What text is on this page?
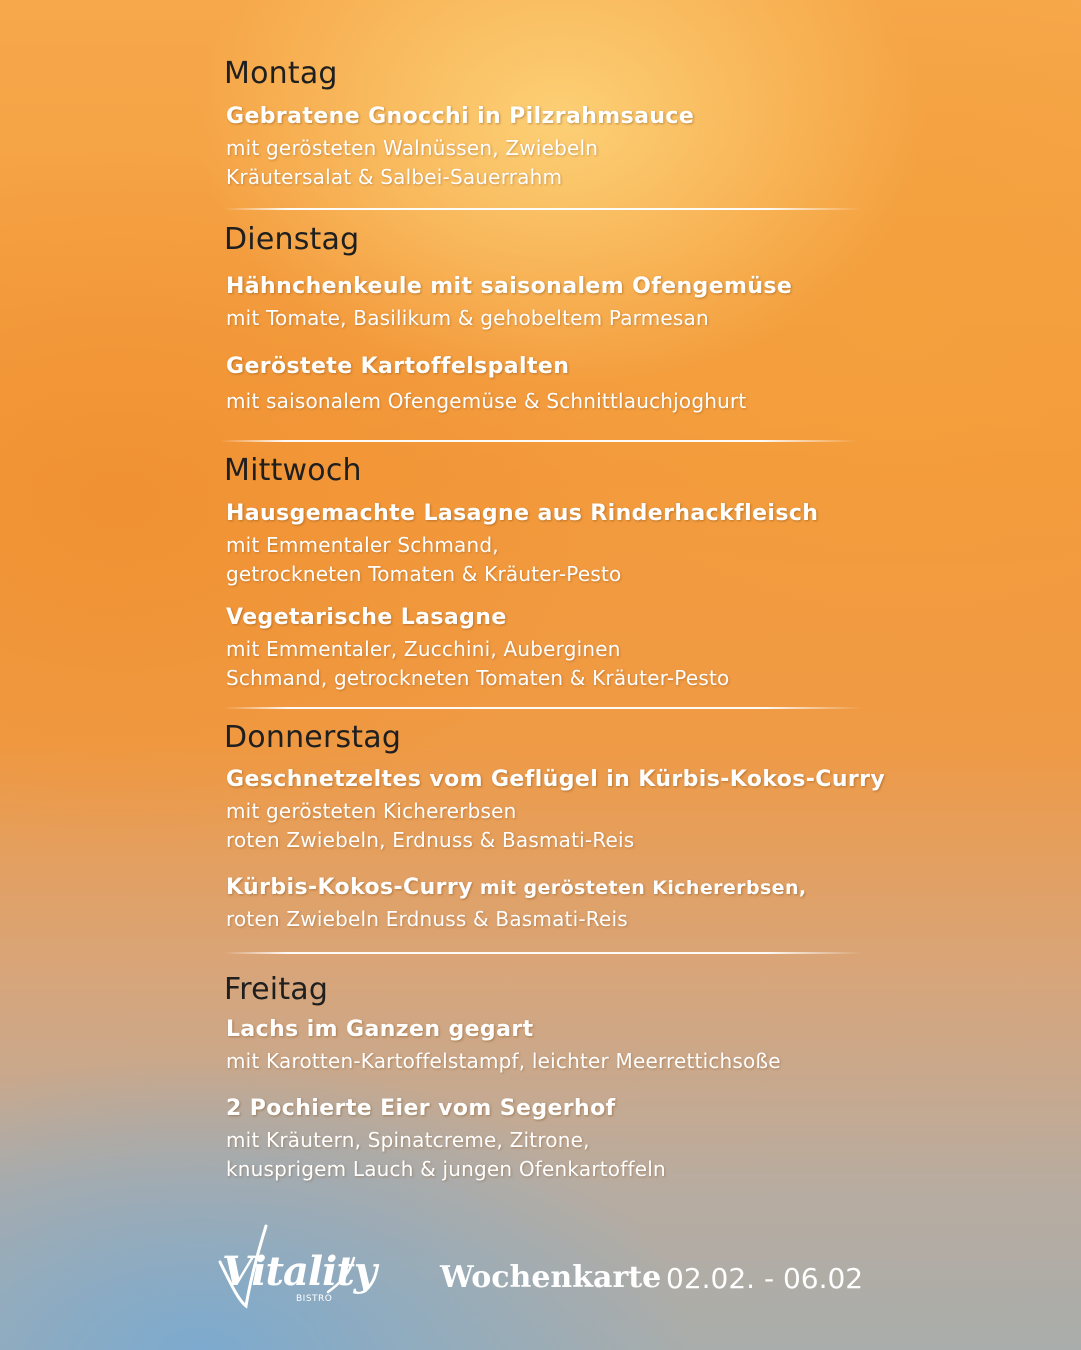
Montag
Gebratene Gnocchi in Pilzrahmsauce
mit gerösteten Walnüssen, Zwiebeln
Kräutersalat & Salbei-Sauerrahm
Dienstag
Hähnchenkeule mit saisonalem Ofengemüse
mit Tomate, Basilikum & gehobeltem Parmesan
Geröstete Kartoffelspalten
mit saisonalem Ofengemüse & Schnittlauchjoghurt
Mittwoch
Hausgemachte Lasagne aus Rinderhackfleisch
mit Emmentaler Schmand,
getrockneten Tomaten & Kräuter-Pesto
Vegetarische Lasagne
mit Emmentaler, Zucchini, Auberginen
Schmand, getrockneten Tomaten & Kräuter-Pesto
Donnerstag
Geschnetzeltes vom Geflügel in Kürbis-Kokos-Curry
mit gerösteten Kichererbsen
roten Zwiebeln, Erdnuss & Basmati-Reis
Kürbis-Kokos-Curry mit gerösteten Kichererbsen,
roten Zwiebeln Erdnuss & Basmati-Reis
Freitag
Lachs im Ganzen gegart
mit Karotten-Kartoffelstampf, leichter Meerrettichsoße
2 Pochierte Eier vom Segerhof
mit Kräutern, Spinatcreme, Zitrone,
knusprigem Lauch & jungen Ofenkartoffeln
Vitality
BISTRO
Wochenkarte 02.02. - 06.02
